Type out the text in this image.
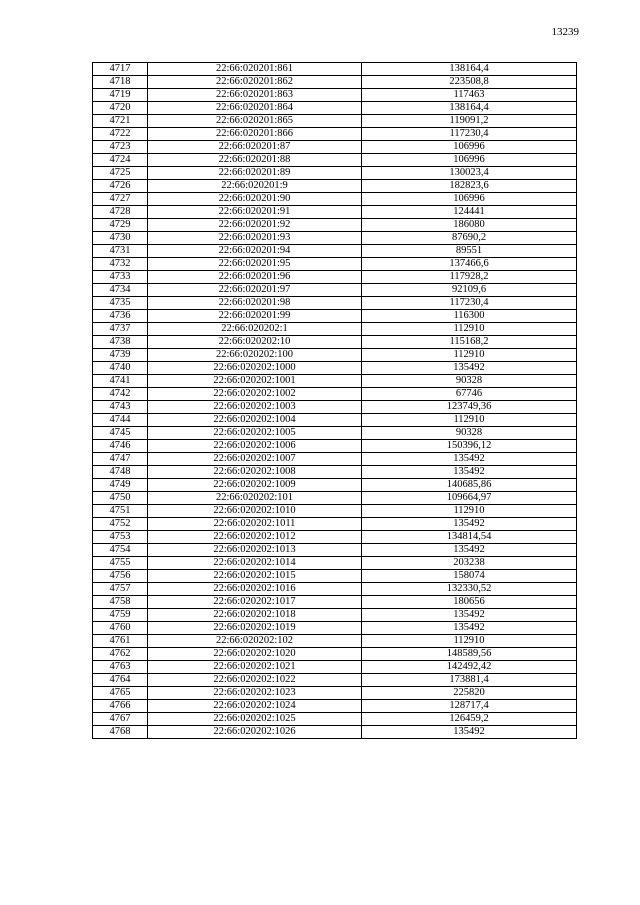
13239
4717	22:66:020201:861	138164,4
4718	22:66:020201:862	223508,8
4719	22:66:020201:863	117463
4720	22:66:020201:864	138164,4
4721	22:66:020201:865	119091,2
4722	22:66:020201:866	117230,4
4723	22:66:020201:87	106996
4724	22:66:020201:88	106996
4725	22:66:020201:89	130023,4
4726	22:66:020201:9	182823,6
4727	22:66:020201:90	106996
4728	22:66:020201:91	124441
4729	22:66:020201:92	186080
4730	22:66:020201:93	87690,2
4731	22:66:020201:94	89551
4732	22:66:020201:95	137466,6
4733	22:66:020201:96	117928,2
4734	22:66:020201:97	92109,6
4735	22:66:020201:98	117230,4
4736	22:66:020201:99	116300
4737	22:66:020202:1	112910
4738	22:66:020202:10	115168,2
4739	22:66:020202:100	112910
4740	22:66:020202:1000	135492
4741	22:66:020202:1001	90328
4742	22:66:020202:1002	67746
4743	22:66:020202:1003	123749,36
4744	22:66:020202:1004	112910
4745	22:66:020202:1005	90328
4746	22:66:020202:1006	150396,12
4747	22:66:020202:1007	135492
4748	22:66:020202:1008	135492
4749	22:66:020202:1009	140685,86
4750	22:66:020202:101	109664,97
4751	22:66:020202:1010	112910
4752	22:66:020202:1011	135492
4753	22:66:020202:1012	134814,54
4754	22:66:020202:1013	135492
4755	22:66:020202:1014	203238
4756	22:66:020202:1015	158074
4757	22:66:020202:1016	132330,52
4758	22:66:020202:1017	180656
4759	22:66:020202:1018	135492
4760	22:66:020202:1019	135492
4761	22:66:020202:102	112910
4762	22:66:020202:1020	148589,56
4763	22:66:020202:1021	142492,42
4764	22:66:020202:1022	173881,4
4765	22:66:020202:1023	225820
4766	22:66:020202:1024	128717,4
4767	22:66:020202:1025	126459,2
4768	22:66:020202:1026	135492
